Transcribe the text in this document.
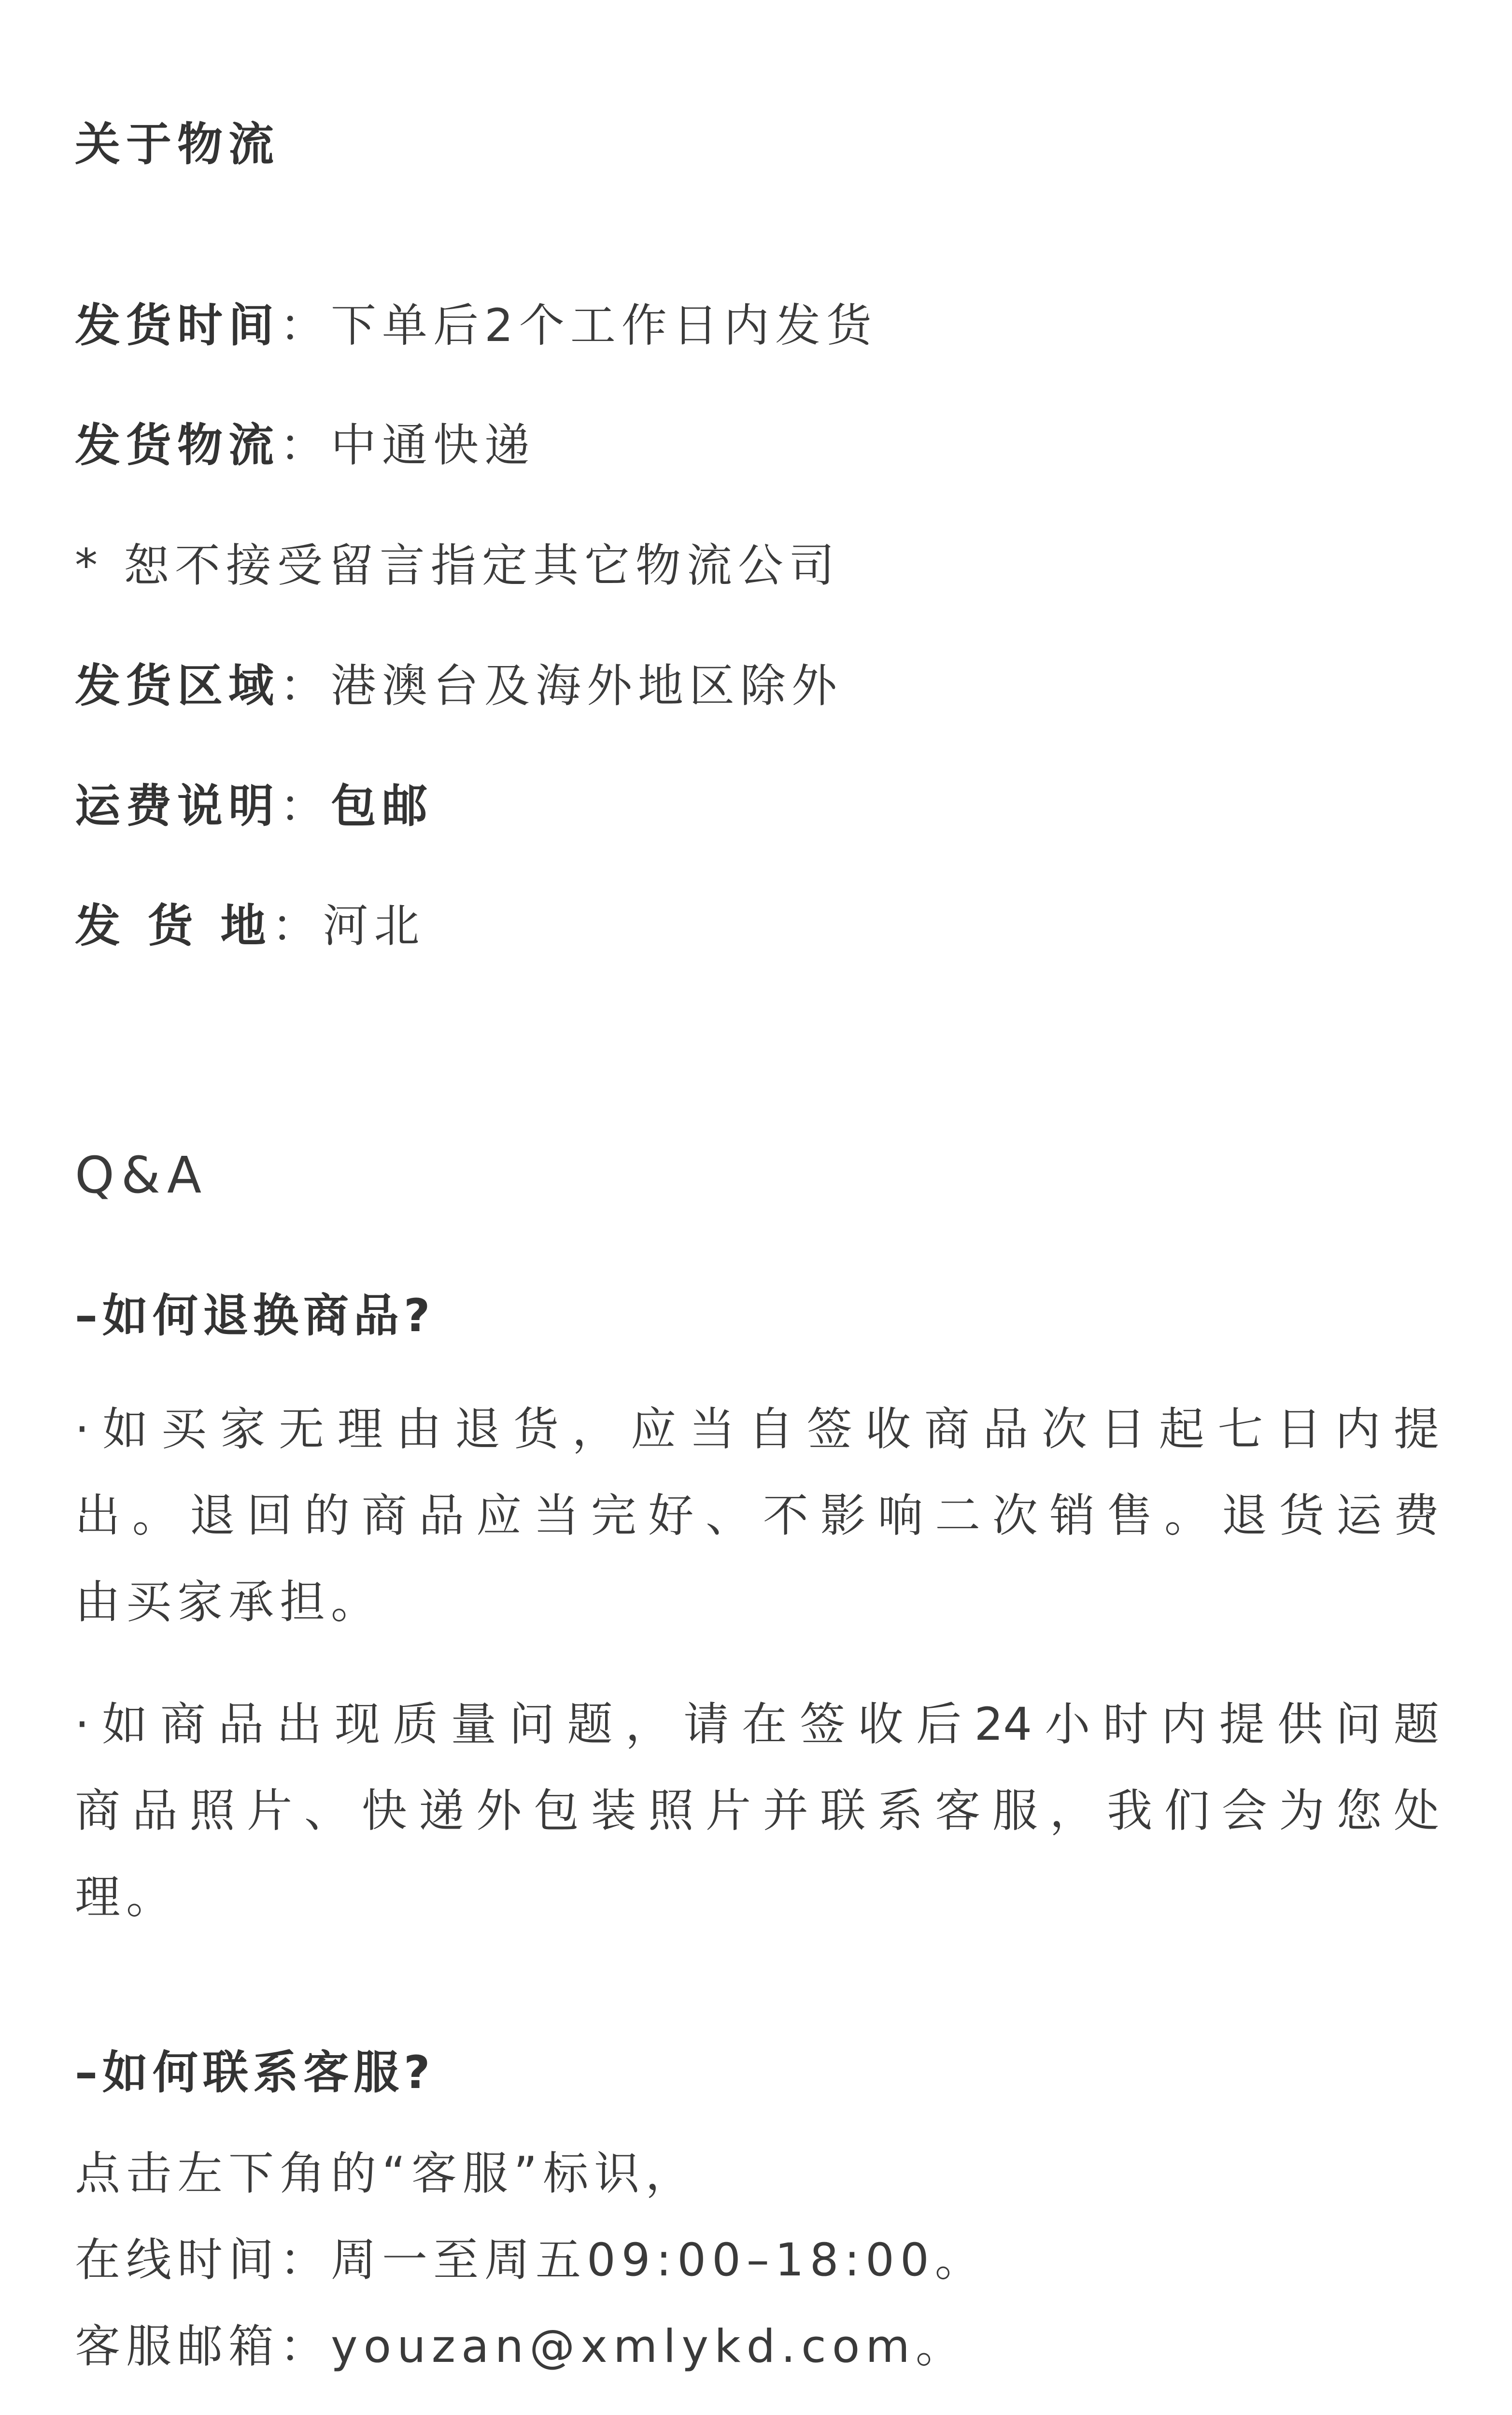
关于物流
发货时间：下单后2个工作日内发货
发货物流：中通快递
* 恕不接受留言指定其它物流公司
发货区域：港澳台及海外地区除外
运费说明：包邮
发 货 地：河北
Q&A
–如何退换商品?
·如买家无理由退货，应当自签收商品次日起七日内提
出。退回的商品应当完好、不影响二次销售。退货运费
由买家承担。
·如商品出现质量问题，请在签收后24小时内提供问题
商品照片、快递外包装照片并联系客服，我们会为您处
理。
–如何联系客服?
点击左下角的“客服”标识，
在线时间：周一至周五09:00–18:00。
客服邮箱：youzan@xmlykd.com。
